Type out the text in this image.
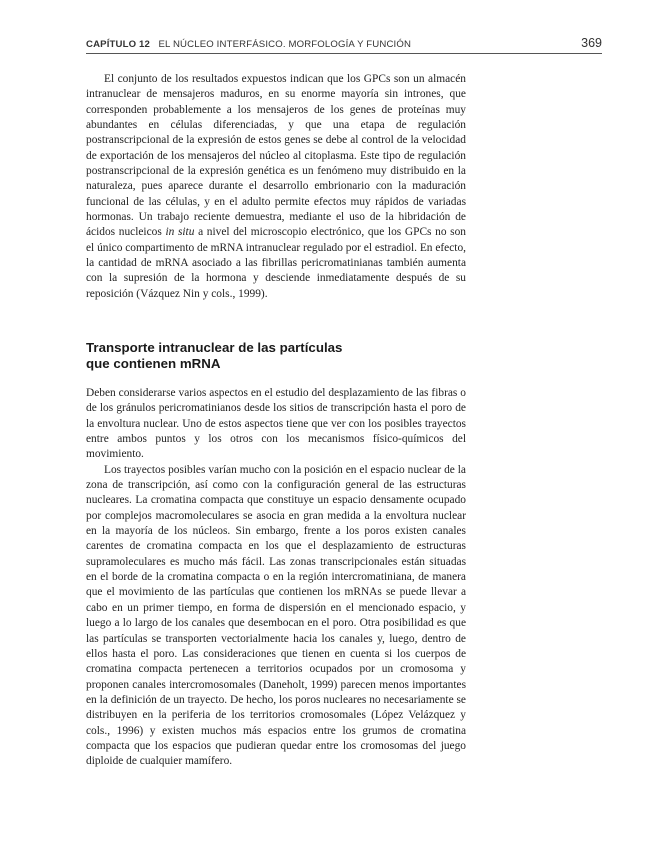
CAPÍTULO 12 EL NÚCLEO INTERFÁSICO. MORFOLOGÍA Y FUNCIÓN	369

El conjunto de los resultados expuestos indican que los GPCs son un almacén intranuclear de mensajeros maduros, en su enorme mayoría sin intrones, que corresponden probablemente a los mensajeros de los genes de proteínas muy abundantes en células diferenciadas, y que una etapa de regulación postranscripcional de la expresión de estos genes se debe al control de la velocidad de exportación de los mensajeros del núcleo al citoplasma. Este tipo de regulación postranscripcional de la expresión genética es un fenómeno muy distribuido en la naturaleza, pues aparece durante el desarrollo embrionario con la maduración funcional de las células, y en el adulto permite efectos muy rápidos de variadas hormonas. Un trabajo reciente demuestra, mediante el uso de la hibridación de ácidos nucleicos in situ a nivel del microscopio electrónico, que los GPCs no son el único compartimento de mRNA intranuclear regulado por el estradiol. En efecto, la cantidad de mRNA asociado a las fibrillas pericromatinianas también aumenta con la supresión de la hormona y desciende inmediatamente después de su reposición (Vázquez Nin y cols., 1999).

Transporte intranuclear de las partículas
que contienen mRNA

Deben considerarse varios aspectos en el estudio del desplazamiento de las fibras o de los gránulos pericromatinianos desde los sitios de transcripción hasta el poro de la envoltura nuclear. Uno de estos aspectos tiene que ver con los posibles trayectos entre ambos puntos y los otros con los mecanismos físico-químicos del movimiento.

Los trayectos posibles varían mucho con la posición en el espacio nuclear de la zona de transcripción, así como con la configuración general de las estructuras nucleares. La cromatina compacta que constituye un espacio densamente ocupado por complejos macromoleculares se asocia en gran medida a la envoltura nuclear en la mayoría de los núcleos. Sin embargo, frente a los poros existen canales carentes de cromatina compacta en los que el desplazamiento de estructuras supramoleculares es mucho más fácil. Las zonas transcripcionales están situadas en el borde de la cromatina compacta o en la región intercromatiniana, de manera que el movimiento de las partículas que contienen los mRNAs se puede llevar a cabo en un primer tiempo, en forma de dispersión en el mencionado espacio, y luego a lo largo de los canales que desembocan en el poro. Otra posibilidad es que las partículas se transporten vectorialmente hacia los canales y, luego, dentro de ellos hasta el poro. Las consideraciones que tienen en cuenta si los cuerpos de cromatina compacta pertenecen a territorios ocupados por un cromosoma y proponen canales intercromosomales (Daneholt, 1999) parecen menos importantes en la definición de un trayecto. De hecho, los poros nucleares no necesariamente se distribuyen en la periferia de los territorios cromosomales (López Velázquez y cols., 1996) y existen muchos más espacios entre los grumos de cromatina compacta que los espacios que pudieran quedar entre los cromosomas del juego diploide de cualquier mamífero.
